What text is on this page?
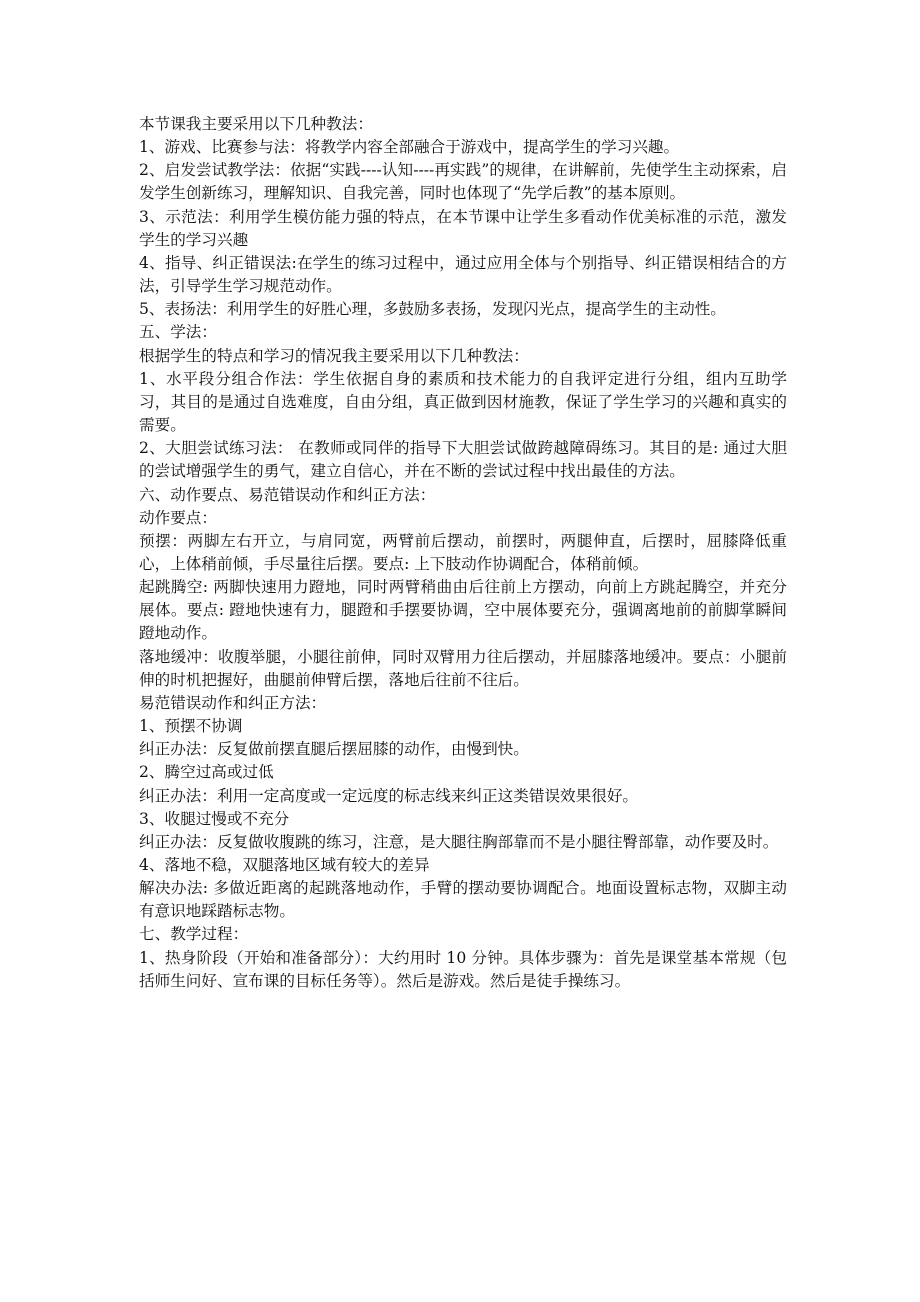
本节课我主要采用以下几种教法：

1、游戏、比赛参与法：将教学内容全部融合于游戏中，提高学生的学习兴趣。

2、启发尝试教学法：依据“实践----认知----再实践”的规律，在讲解前，先使学生主动探索，启发学生创新练习，理解知识、自我完善，同时也体现了“先学后教”的基本原则。

3、示范法：利用学生模仿能力强的特点，在本节课中让学生多看动作优美标准的示范，激发学生的学习兴趣

4、指导、纠正错误法:在学生的练习过程中，通过应用全体与个别指导、纠正错误相结合的方法，引导学生学习规范动作。

5、表扬法：利用学生的好胜心理，多鼓励多表扬，发现闪光点，提高学生的主动性。

五、学法：

根据学生的特点和学习的情况我主要采用以下几种教法：

1、水平段分组合作法：学生依据自身的素质和技术能力的自我评定进行分组，组内互助学习，其目的是通过自选难度，自由分组，真正做到因材施教，保证了学生学习的兴趣和真实的需要。

2、大胆尝试练习法： 在教师或同伴的指导下大胆尝试做跨越障碍练习。其目的是: 通过大胆的尝试增强学生的勇气，建立自信心，并在不断的尝试过程中找出最佳的方法。

六、动作要点、易范错误动作和纠正方法：

动作要点：

预摆：两脚左右开立，与肩同宽，两臂前后摆动，前摆时，两腿伸直，后摆时，屈膝降低重心，上体稍前倾，手尽量往后摆。要点: 上下肢动作协调配合，体稍前倾。

起跳腾空: 两脚快速用力蹬地，同时两臂稍曲由后往前上方摆动，向前上方跳起腾空，并充分展体。要点: 蹬地快速有力，腿蹬和手摆要协调，空中展体要充分，强调离地前的前脚掌瞬间蹬地动作。

落地缓冲：收腹举腿，小腿往前伸，同时双臂用力往后摆动，并屈膝落地缓冲。要点：小腿前伸的时机把握好，曲腿前伸臂后摆，落地后往前不往后。

易范错误动作和纠正方法：

1、预摆不协调

纠正办法：反复做前摆直腿后摆屈膝的动作，由慢到快。

2、腾空过高或过低

纠正办法：利用一定高度或一定远度的标志线来纠正这类错误效果很好。

3、收腿过慢或不充分

纠正办法：反复做收腹跳的练习，注意，是大腿往胸部靠而不是小腿往臀部靠，动作要及时。

4、落地不稳，双腿落地区域有较大的差异

解决办法: 多做近距离的起跳落地动作，手臂的摆动要协调配合。地面设置标志物，双脚主动有意识地踩踏标志物。

七、教学过程：

1、热身阶段（开始和准备部分）：大约用时 10 分钟。具体步骤为：首先是课堂基本常规（包括师生问好、宣布课的目标任务等）。然后是游戏。然后是徒手操练习。
